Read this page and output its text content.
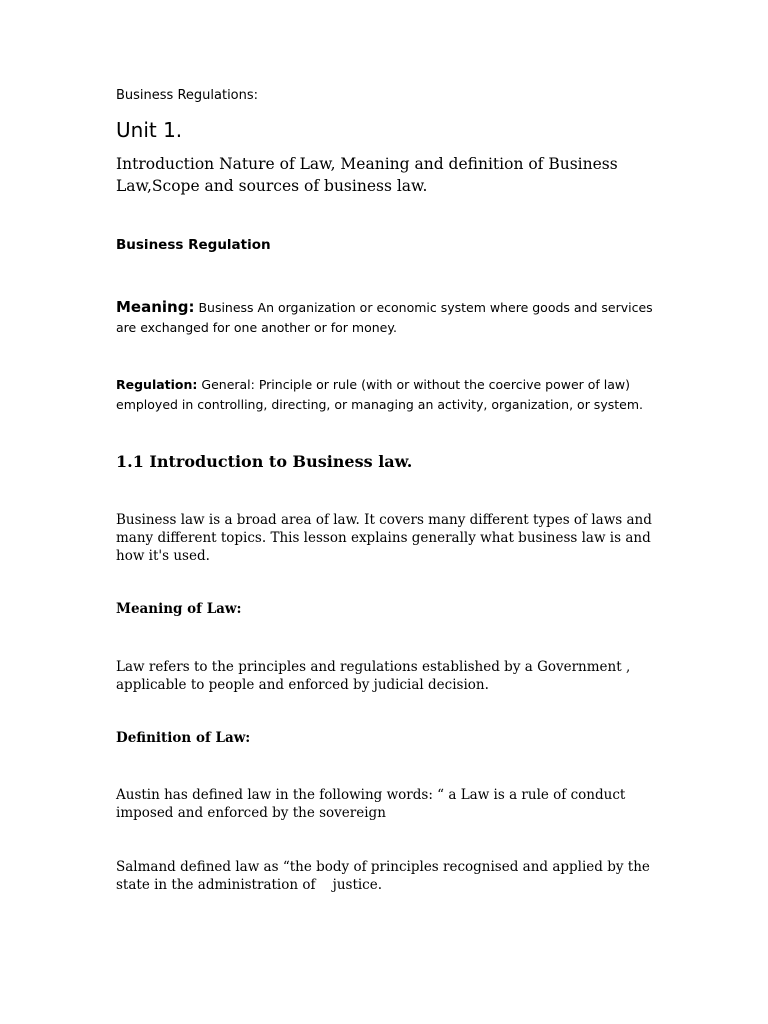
Business Regulations:

Unit 1.

Introduction Nature of Law, Meaning and definition of Business Law,Scope and sources of business law.

Business Regulation

Meaning: Business An organization or economic system where goods and services are exchanged for one another or for money.

Regulation: General: Principle or rule (with or without the coercive power of law) employed in controlling, directing, or managing an activity, organization, or system.

1.1 Introduction to Business law.

Business law is a broad area of law. It covers many different types of laws and many different topics. This lesson explains generally what business law is and how it's used.

Meaning of Law:

Law refers to the principles and regulations established by a Government , applicable to people and enforced by judicial decision.

Definition of Law:

Austin has defined law in the following words: “ a Law is a rule of conduct imposed and enforced by the sovereign

Salmand defined law as “the body of principles recognised and applied by the state in the administration of    justice.
